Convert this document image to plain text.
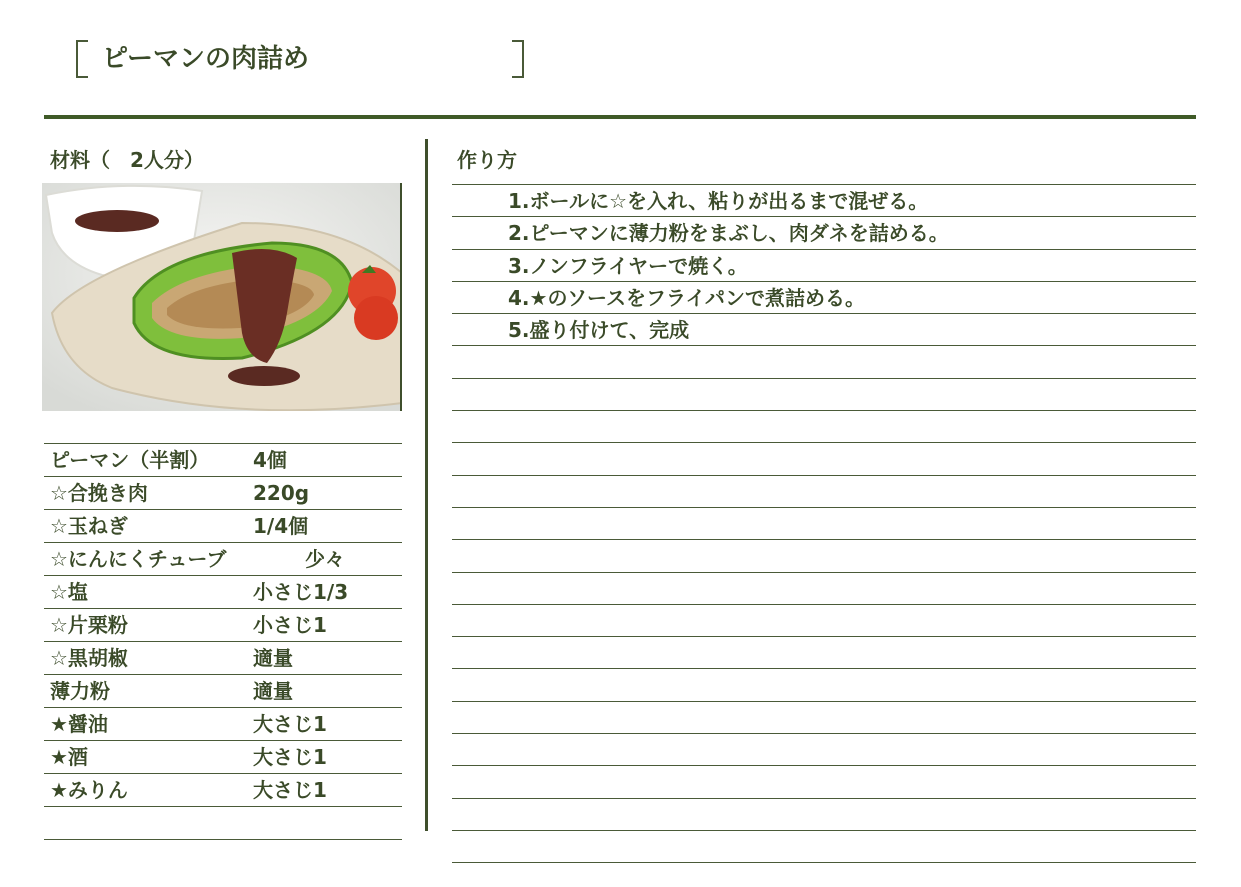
ピーマンの肉詰め
材料（　2人分）	作り方
ピーマン（半割） 4個
☆合挽き肉	220g
☆玉ねぎ	1/4個
☆にんにくチューブ	少々
☆塩	小さじ1/3
☆片栗粉	小さじ1
☆黒胡椒	適量
薄力粉	適量
★醤油	大さじ1
★酒	大さじ1
★みりん	大さじ1
1.ボールに☆を入れ、粘りが出るまで混ぜる。
2.ピーマンに薄力粉をまぶし、肉ダネを詰める。
3.ノンフライヤーで焼く。
4.★のソースをフライパンで煮詰める。
5.盛り付けて、完成
